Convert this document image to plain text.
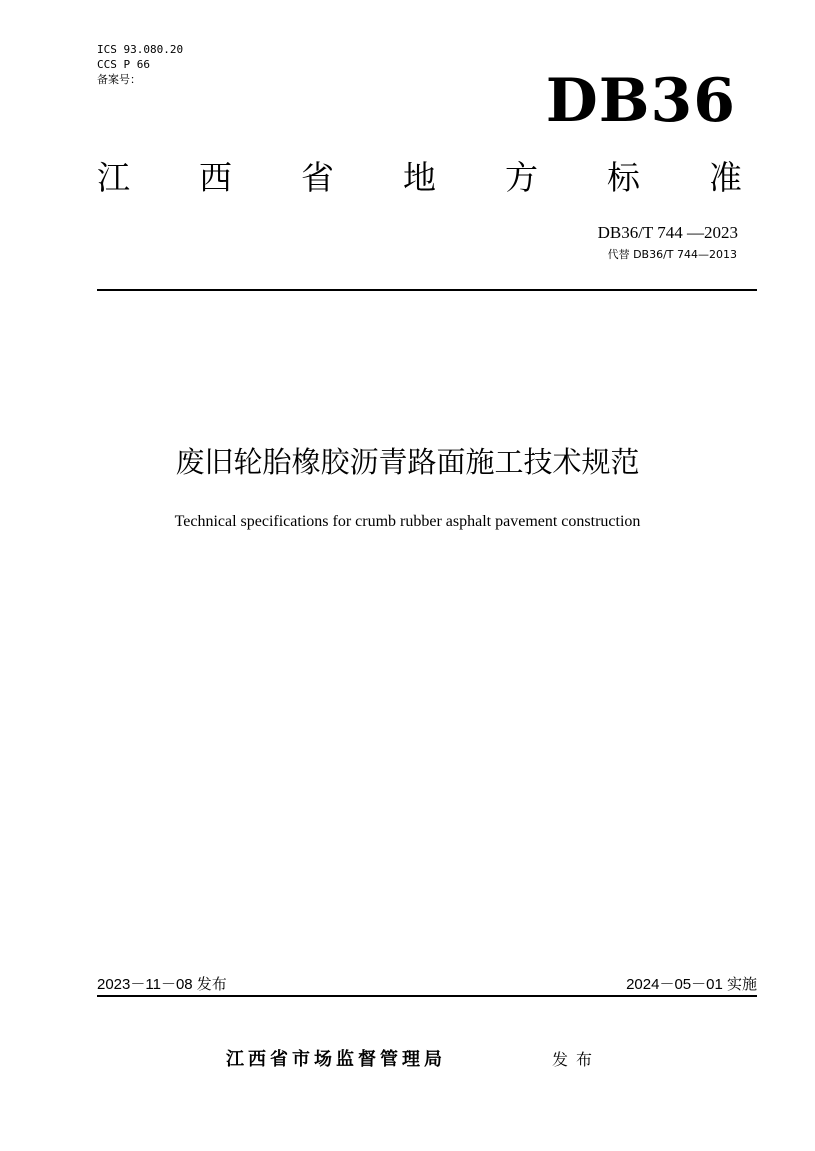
ICS 93.080.20
CCS P 66
备案号：	DB36
江 西 省 地 方 标 准
DB36/T 744 —2023
代替 DB36/T 744—2013
废旧轮胎橡胶沥青路面施工技术规范
Technical specifications for crumb rubber asphalt pavement construction
2023－11－08 发布	2024－05－01 实施
江西省市场监督管理局	发布
